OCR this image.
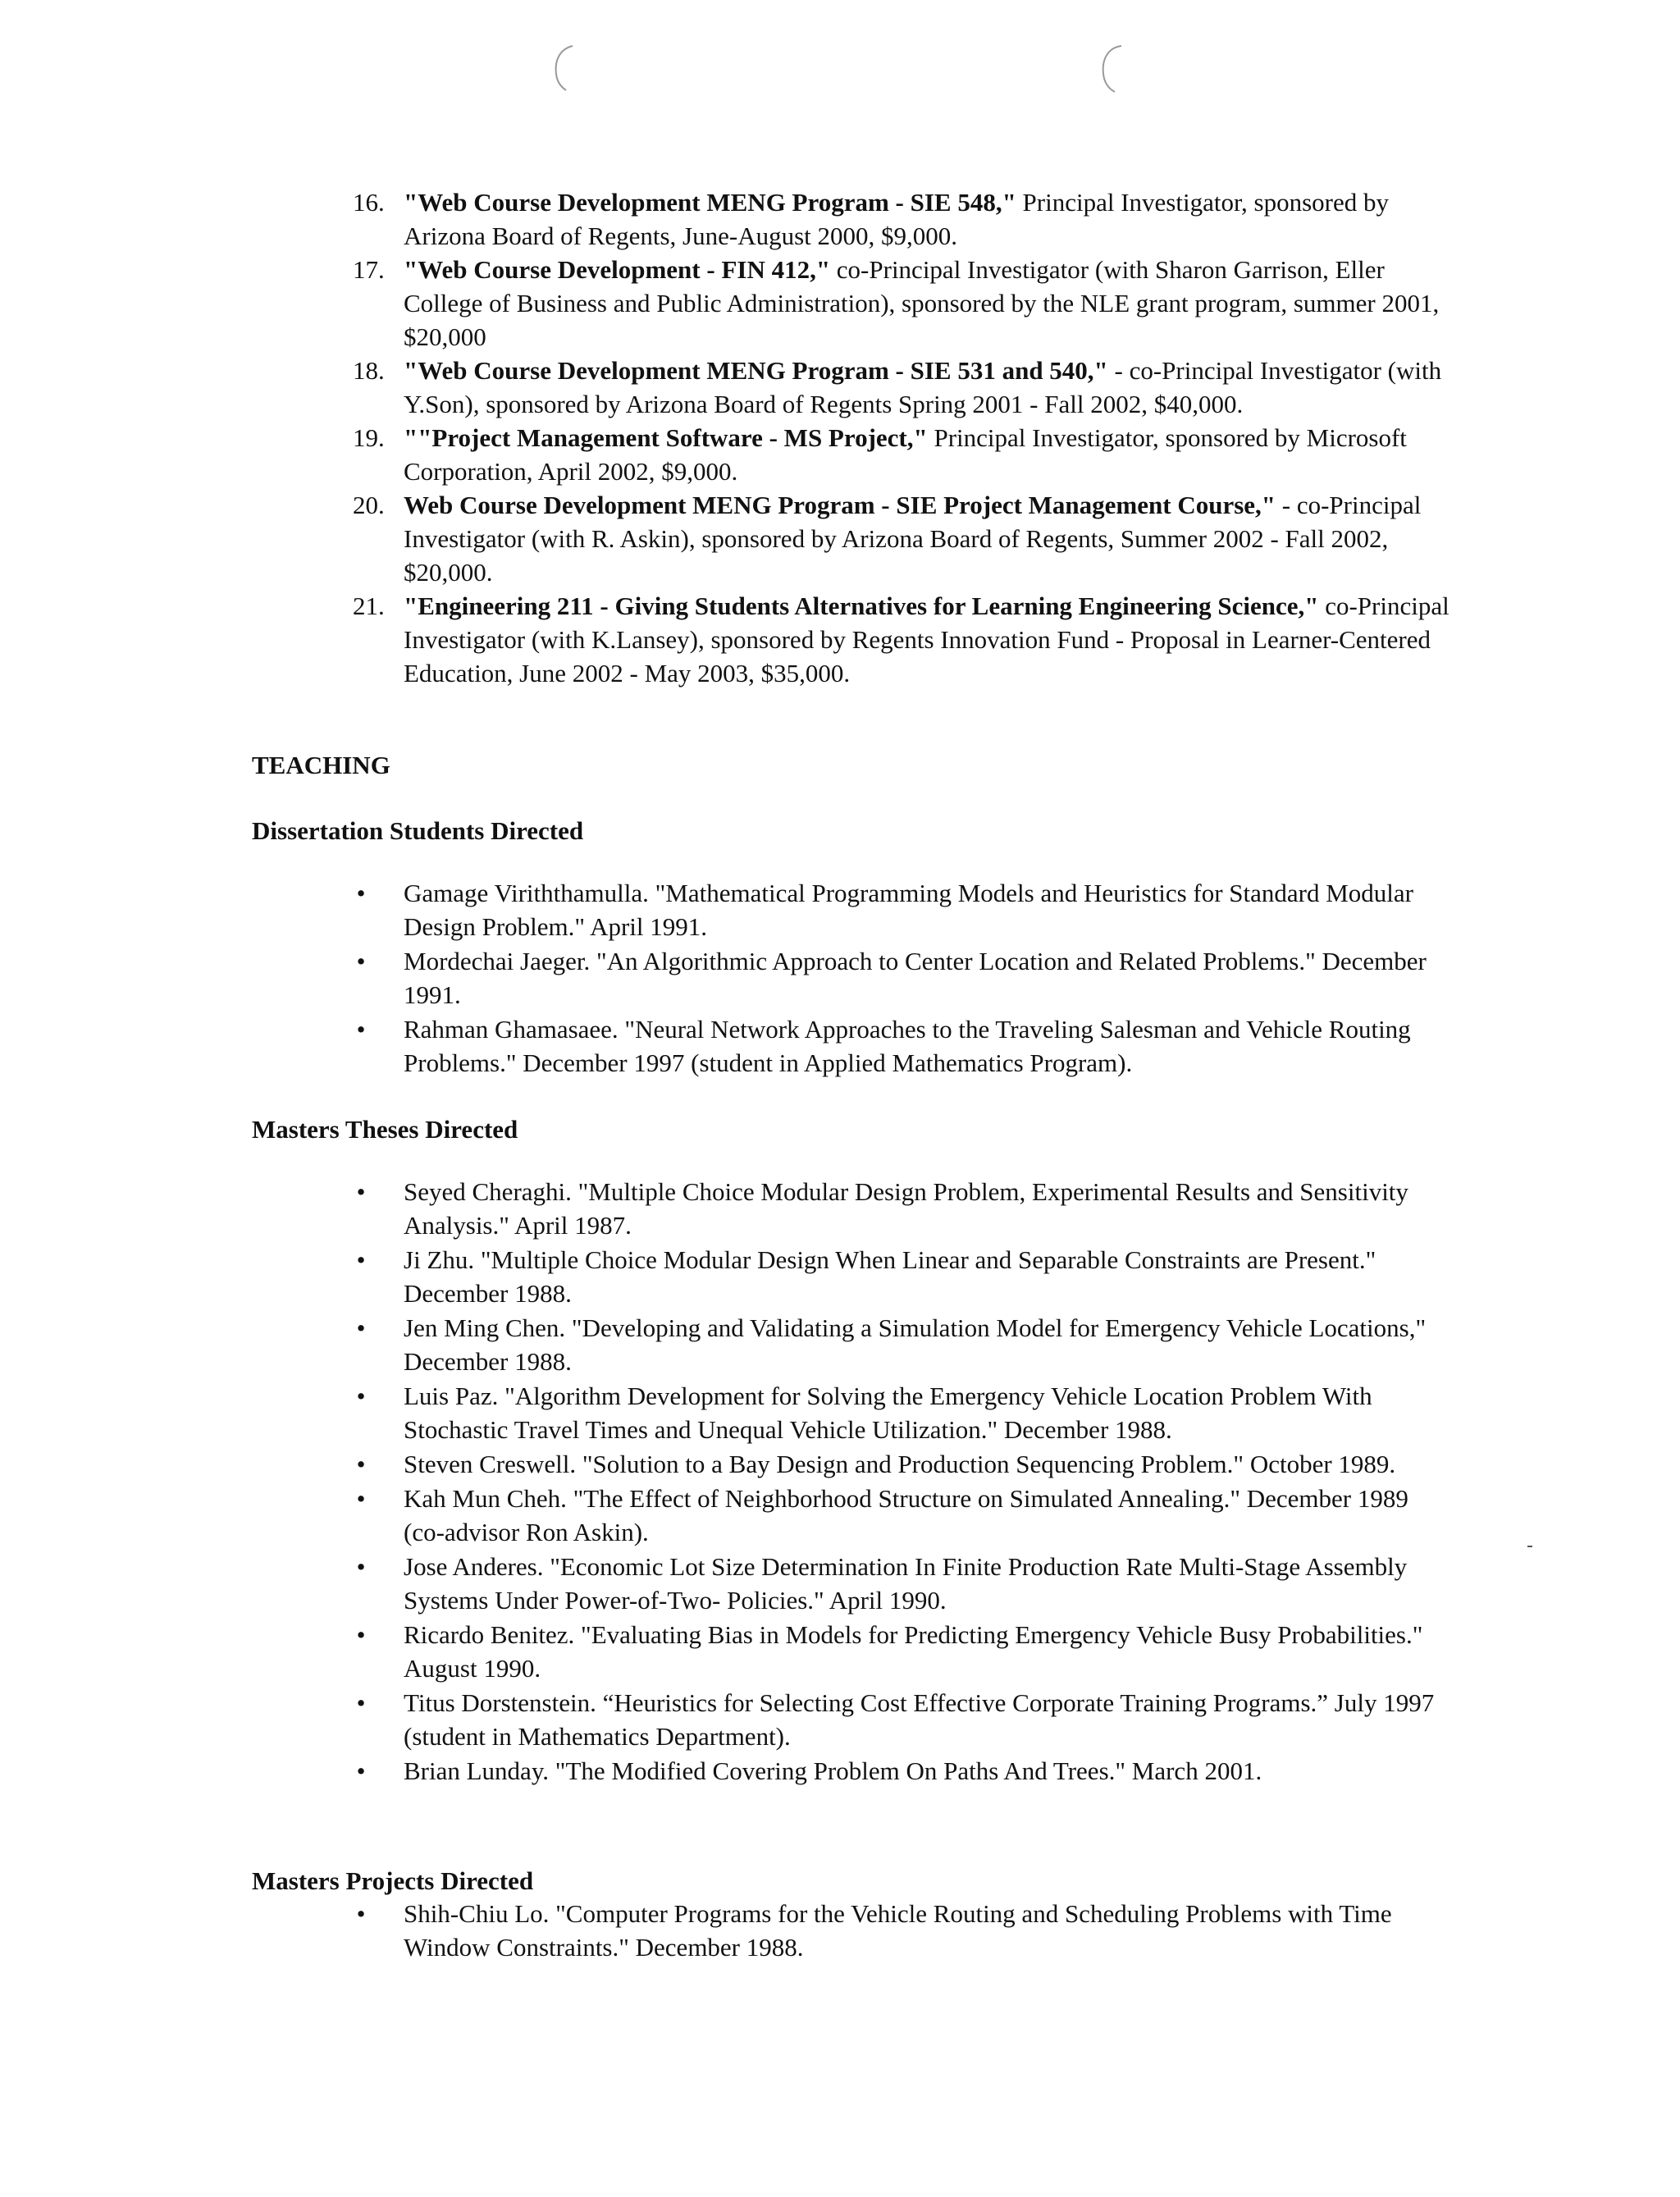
16. "Web Course Development MENG Program - SIE 548," Principal Investigator, sponsored by Arizona Board of Regents, June-August 2000, $9,000.
17. "Web Course Development - FIN 412," co-Principal Investigator (with Sharon Garrison, Eller College of Business and Public Administration), sponsored by the NLE grant program, summer 2001, $20,000
18. "Web Course Development MENG Program - SIE 531 and 540," - co-Principal Investigator (with Y.Son), sponsored by Arizona Board of Regents Spring 2001 - Fall 2002, $40,000.
19. ""Project Management Software - MS Project," Principal Investigator, sponsored by Microsoft Corporation, April 2002, $9,000.
20. Web Course Development MENG Program - SIE Project Management Course," - co-Principal Investigator (with R. Askin), sponsored by Arizona Board of Regents, Summer 2002 - Fall 2002, $20,000.
21. "Engineering 211 - Giving Students Alternatives for Learning Engineering Science," co-Principal Investigator (with K.Lansey), sponsored by Regents Innovation Fund - Proposal in Learner-Centered Education, June 2002 - May 2003, $35,000.
TEACHING
Dissertation Students Directed
• Gamage Viriththamulla. "Mathematical Programming Models and Heuristics for Standard Modular Design Problem." April 1991.
• Mordechai Jaeger. "An Algorithmic Approach to Center Location and Related Problems." December 1991.
• Rahman Ghamasaee. "Neural Network Approaches to the Traveling Salesman and Vehicle Routing Problems." December 1997 (student in Applied Mathematics Program).
Masters Theses Directed
• Seyed Cheraghi. "Multiple Choice Modular Design Problem, Experimental Results and Sensitivity Analysis." April 1987.
• Ji Zhu. "Multiple Choice Modular Design When Linear and Separable Constraints are Present." December 1988.
• Jen Ming Chen. "Developing and Validating a Simulation Model for Emergency Vehicle Locations," December 1988.
• Luis Paz. "Algorithm Development for Solving the Emergency Vehicle Location Problem With Stochastic Travel Times and Unequal Vehicle Utilization." December 1988.
• Steven Creswell. "Solution to a Bay Design and Production Sequencing Problem." October 1989.
• Kah Mun Cheh. "The Effect of Neighborhood Structure on Simulated Annealing." December 1989 (co-advisor Ron Askin).
• Jose Anderes. "Economic Lot Size Determination In Finite Production Rate Multi-Stage Assembly Systems Under Power-of-Two- Policies." April 1990.
• Ricardo Benitez. "Evaluating Bias in Models for Predicting Emergency Vehicle Busy Probabilities." August 1990.
• Titus Dorstenstein. “Heuristics for Selecting Cost Effective Corporate Training Programs.” July 1997 (student in Mathematics Department).
• Brian Lunday. "The Modified Covering Problem On Paths And Trees." March 2001.
Masters Projects Directed
• Shih-Chiu Lo. "Computer Programs for the Vehicle Routing and Scheduling Problems with Time Window Constraints." December 1988.
